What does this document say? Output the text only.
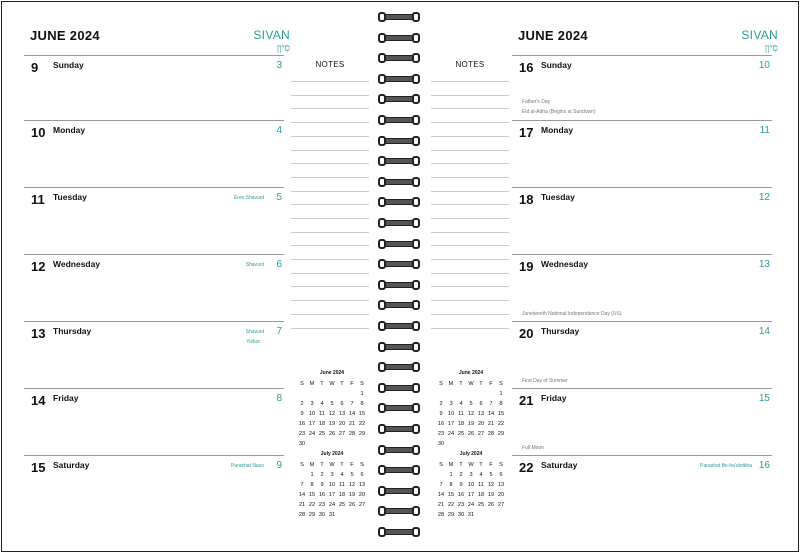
JUNE 2024	SIVAN
סִיוָן
9 Sunday	3
10 Monday	4
11 Tuesday	5
Erev Shavuot
12 Wednesday	6
Shavuot
13 Thursday	7
Shavuot
Yizkor
14 Friday	8
15 Saturday	9
Parashat Naso
JUNE 2024	SIVAN
סִיוָן
16 Sunday	10
17 Monday	11
18 Tuesday	12
19 Wednesday	13
20 Thursday	14
21 Friday	15
22 Saturday	16
Parashat Be-ha'alotkha
Father's Day
Eid al-Adha (Begins at Sundown)
Juneteenth National Independence Day (US)
First Day of Summer
Full Moon
NOTES
June 2024
S	M	T	W	T	F	S
						1
2	3	4	5	6	7	8
9	10	11	12	13	14	15
16	17	18	19	20	21	22
23	24	25	26	27	28	29
30						
July 2024
S	M	T	W	T	F	S
	1	2	3	4	5	6
7	8	9	10	11	12	13
14	15	16	17	18	19	20
21	22	23	24	25	26	27
28	29	30	31			
NOTES
June 2024
S	M	T	W	T	F	S
						1
2	3	4	5	6	7	8
9	10	11	12	13	14	15
16	17	18	19	20	21	22
23	24	25	26	27	28	29
30						
July 2024
S	M	T	W	T	F	S
	1	2	3	4	5	6
7	8	9	10	11	12	13
14	15	16	17	18	19	20
21	22	23	24	25	26	27
28	29	30	31			
